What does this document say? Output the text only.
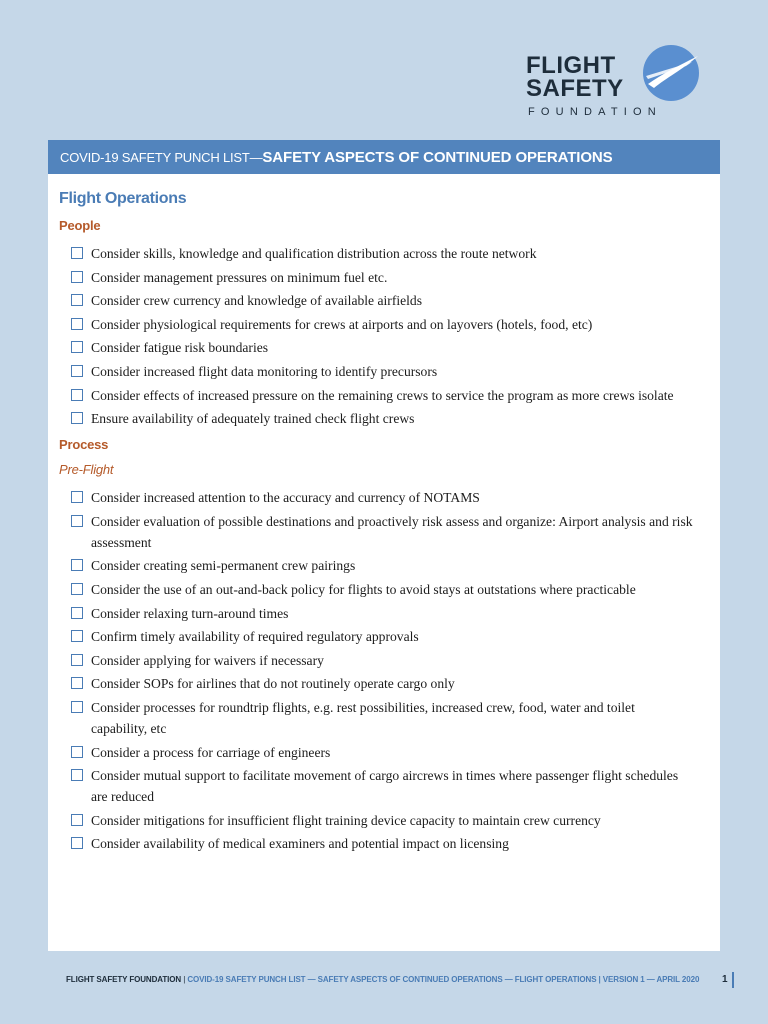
FLIGHT
SAFETY
FOUNDATION
COVID-19 SAFETY PUNCH LIST— SAFETY ASPECTS OF CONTINUED OPERATIONS
Flight Operations
People
Consider skills, knowledge and qualification distribution across the route network
Consider management pressures on minimum fuel etc.
Consider crew currency and knowledge of available airfields
Consider physiological requirements for crews at airports and on layovers (hotels, food, etc)
Consider fatigue risk boundaries
Consider increased flight data monitoring to identify precursors
Consider effects of increased pressure on the remaining crews to service the program as more crews isolate
Ensure availability of adequately trained check flight crews
Process
Pre-Flight
Consider increased attention to the accuracy and currency of NOTAMS
Consider evaluation of possible destinations and proactively risk assess and organize: Airport analysis and risk assessment
Consider creating semi-permanent crew pairings
Consider the use of an out-and-back policy for flights to avoid stays at outstations where practicable
Consider relaxing turn-around times
Confirm timely availability of required regulatory approvals
Consider applying for waivers if necessary
Consider SOPs for airlines that do not routinely operate cargo only
Consider processes for roundtrip flights, e.g. rest possibilities, increased crew, food, water and toilet capability, etc
Consider a process for carriage of engineers
Consider mutual support to facilitate movement of cargo aircrews in times where passenger flight schedules are reduced
Consider mitigations for insufficient flight training device capacity to maintain crew currency
Consider availability of medical examiners and potential impact on licensing
FLIGHT SAFETY FOUNDATION | COVID-19 SAFETY PUNCH LIST — SAFETY ASPECTS OF CONTINUED OPERATIONS — FLIGHT OPERATIONS | VERSION 1 — APRIL 2020 1
